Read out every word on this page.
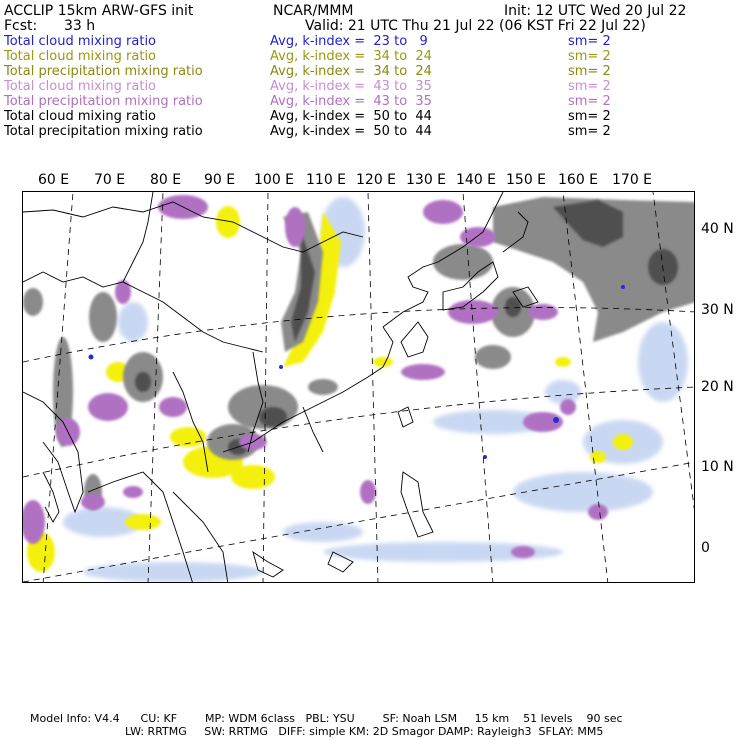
ACCLIP 15km ARW-GFS init	NCAR/MMM	Init: 12 UTC Wed 20 Jul 22
Fcst: 33 h	Valid: 21 UTC Thu 21 Jul 22 (06 KST Fri 22 Jul 22)
Total cloud mixing ratio	Avg, k-index =  23 to   9	sm= 2
Total cloud mixing ratio	Avg, k-index =  34 to  24	sm= 2
Total precipitation mixing ratio	Avg, k-index =  34 to  24	sm= 2
Total cloud mixing ratio	Avg, k-index =  43 to  35	sm= 2
Total precipitation mixing ratio	Avg, k-index =  43 to  35	sm= 2
Total cloud mixing ratio	Avg, k-index =  50 to  44	sm= 2
Total precipitation mixing ratio	Avg, k-index =  50 to  44	sm= 2
60 E 70 E 80 E 90 E 100 E 110 E 120 E 130 E 140 E 150 E 160 E 170 E
40 N
30 N
20 N
10 N
0
Model Info: V4.4      CU: KF        MP: WDM 6class   PBL: YSU        SF: Noah LSM     15 km    51 levels    90 sec
LW: RRTMG     SW: RRTMG   DIFF: simple KM: 2D Smagor DAMP: Rayleigh3  SFLAY: MM5
